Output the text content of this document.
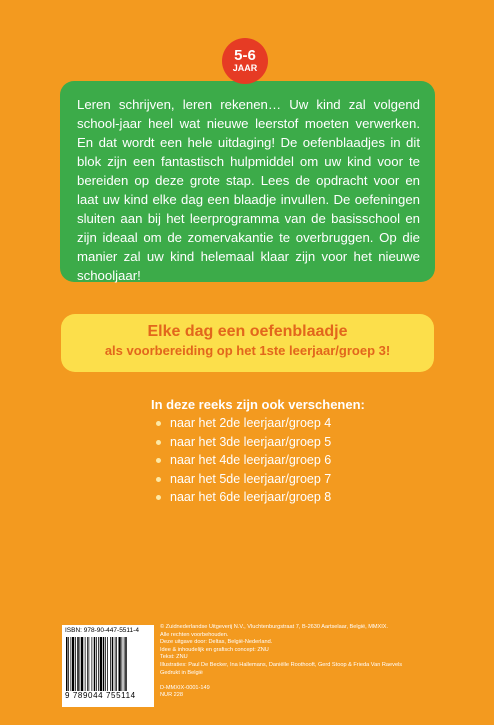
5-6
JAAR

Leren schrijven, leren rekenen… Uw kind zal volgend school-jaar heel wat nieuwe leerstof moeten verwerken. En dat wordt een hele uitdaging! De oefenblaadjes in dit blok zijn een fantastisch hulpmiddel om uw kind voor te bereiden op deze grote stap. Lees de opdracht voor en laat uw kind elke dag een blaadje invullen. De oefeningen sluiten aan bij het leerprogramma van de basisschool en zijn ideaal om de zomervakantie te overbruggen. Op die manier zal uw kind helemaal klaar zijn voor het nieuwe schooljaar!

Elke dag een oefenblaadje
als voorbereiding op het 1ste leerjaar/groep 3!
In deze reeks zijn ook verschenen:
naar het 2de leerjaar/groep 4
naar het 3de leerjaar/groep 5
naar het 4de leerjaar/groep 6
naar het 5de leerjaar/groep 7
naar het 6de leerjaar/groep 8
ISBN: 978-90-447-5511-4
9 789044 755114
© Zuidnederlandse Uitgeverij N.V., Vluchtenburgstraat 7, B-2630 Aartselaar, België, MMXIX.
Alle rechten voorbehouden.
Deze uitgave door: Deltas, België-Nederland.
Idee & inhoudelijk en grafisch concept: ZNU
Tekst: ZNU
Illustraties: Paul De Becker, Ina Hallemans, Daniëlle Roothooft, Gerd Stoop & Frieda Van Raevels
Gedrukt in België

D-MMXIX-0001-149
NUR 228
